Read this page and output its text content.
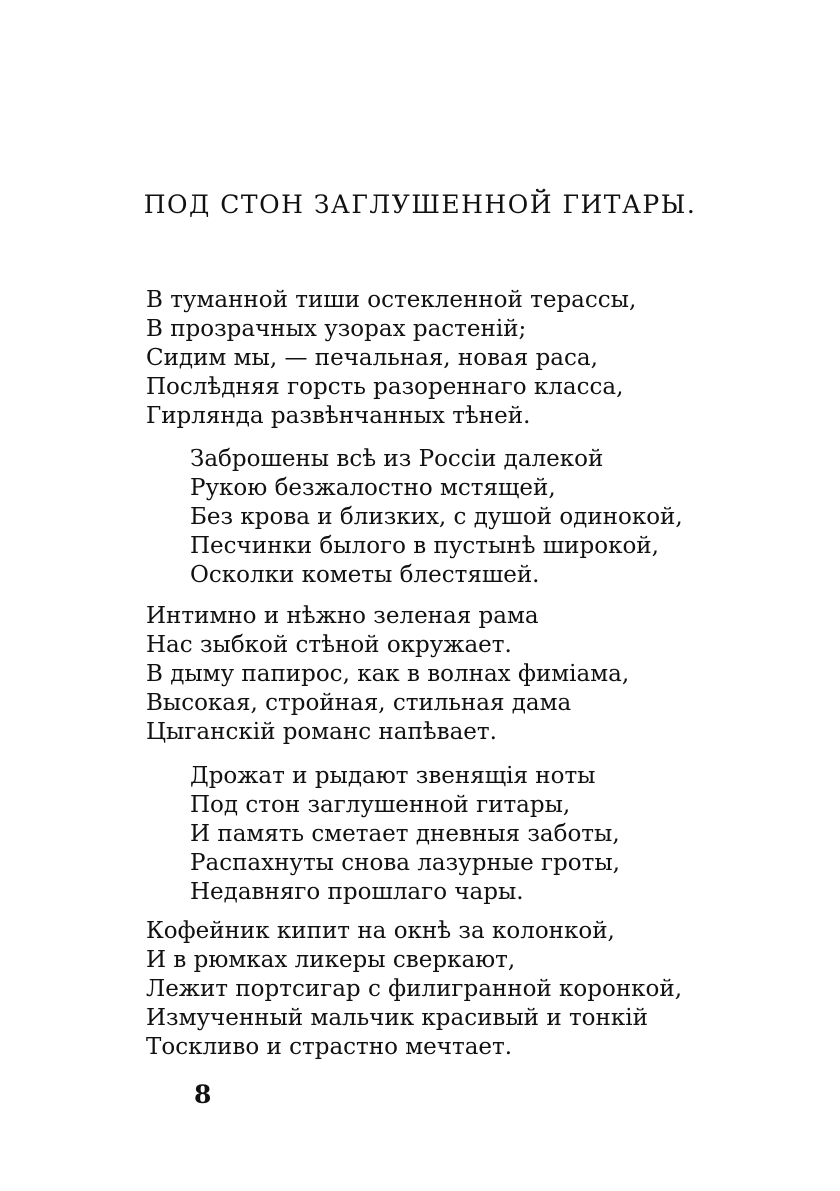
ПОД СТОН ЗАГЛУШЕННОЙ ГИТАРЫ.
В туманной тиши остекленной терассы,
В прозрачных узорах растеній;
Сидим мы, — печальная, новая раса,
Послѣдняя горсть разореннаго класса,
Гирлянда развѣнчанных тѣней.
Заброшены всѣ из Россіи далекой
Рукою безжалостно мстящей,
Без крова и близких, с душой одинокой,
Песчинки былого в пустынѣ широкой,
Осколки кометы блестяшей.
Интимно и нѣжно зеленая рама
Нас зыбкой стѣной окружает.
В дыму папирос, как в волнах фиміама,
Высокая, стройная, стильная дама
Цыганскій романс напѣвает.
Дрожат и рыдают звенящія ноты
Под стон заглушенной гитары,
И память сметает дневныя заботы,
Распахнуты снова лазурные гроты,
Недавняго прошлаго чары.
Кофейник кипит на окнѣ за колонкой,
И в рюмках ликеры сверкают,
Лежит портсигар с филигранной коронкой,
Измученный мальчик красивый и тонкій
Тоскливо и страстно мечтает.
8
